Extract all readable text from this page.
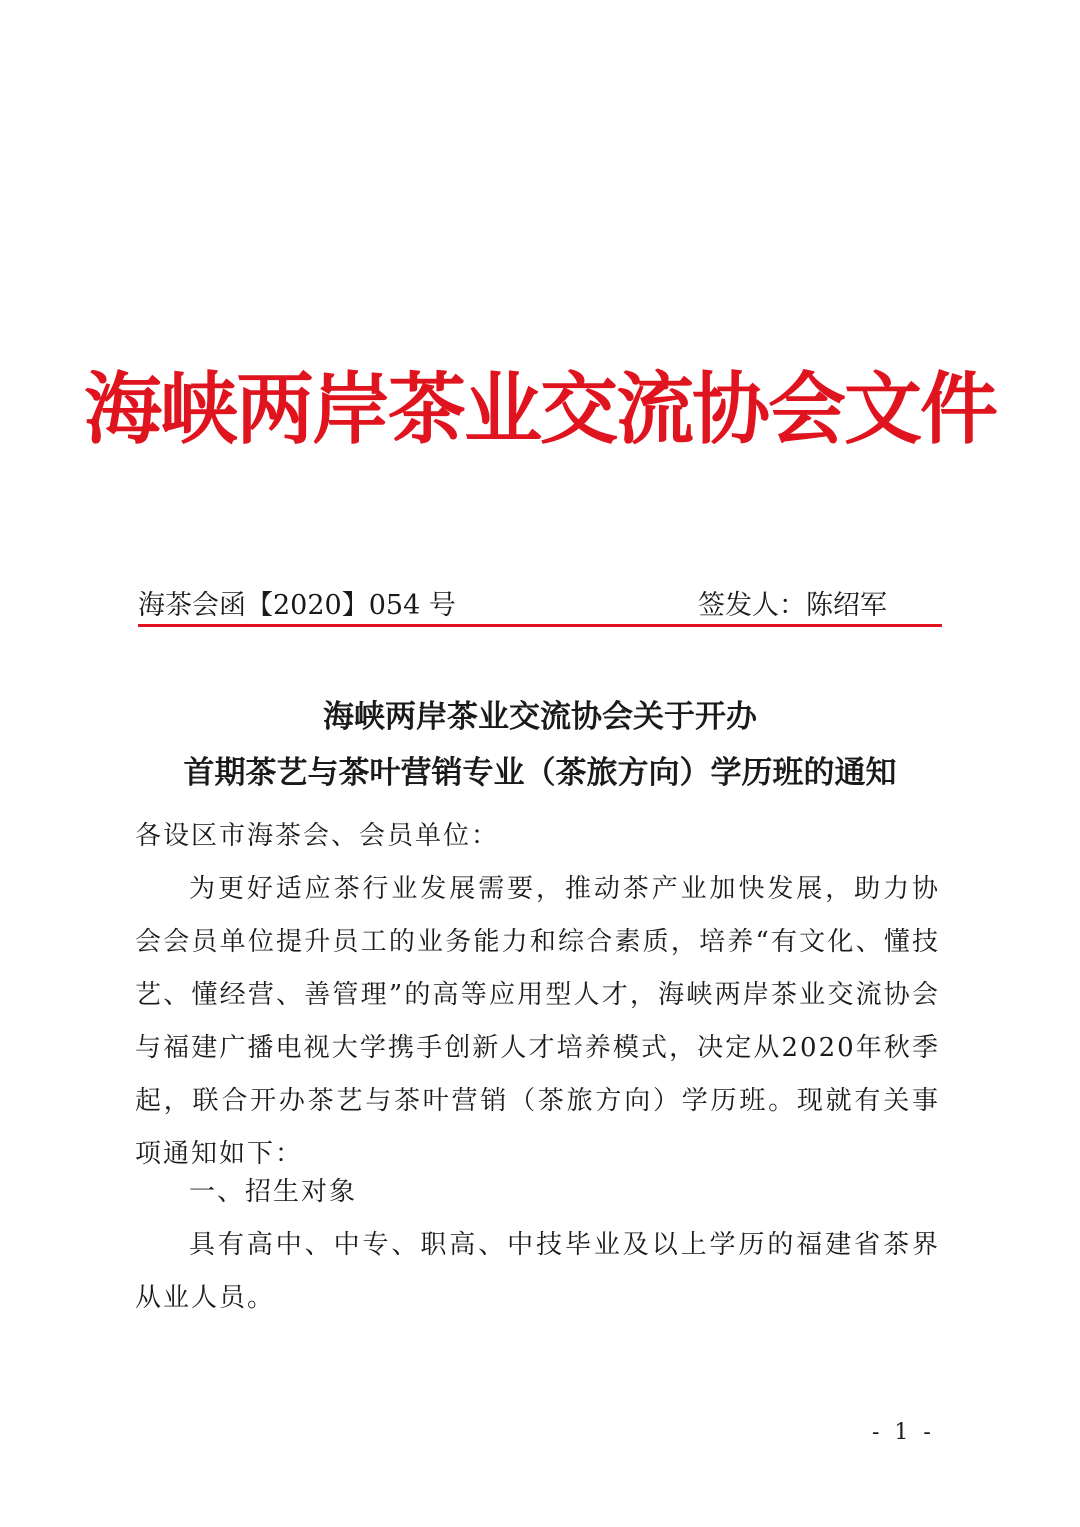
海峡两岸茶业交流协会文件
海茶会函【2020】054 号	签发人：陈绍军
海峡两岸茶业交流协会关于开办
首期茶艺与茶叶营销专业（茶旅方向）学历班的通知
各设区市海茶会、会员单位：
为更好适应茶行业发展需要，推动茶产业加快发展，助力协会会员单位提升员工的业务能力和综合素质，培养“有文化、懂技艺、懂经营、善管理”的高等应用型人才，海峡两岸茶业交流协会与福建广播电视大学携手创新人才培养模式，决定从2020年秋季起，联合开办茶艺与茶叶营销（茶旅方向）学历班。现就有关事项通知如下：
一、招生对象
具有高中、中专、职高、中技毕业及以上学历的福建省茶界从业人员。
- 1 -
